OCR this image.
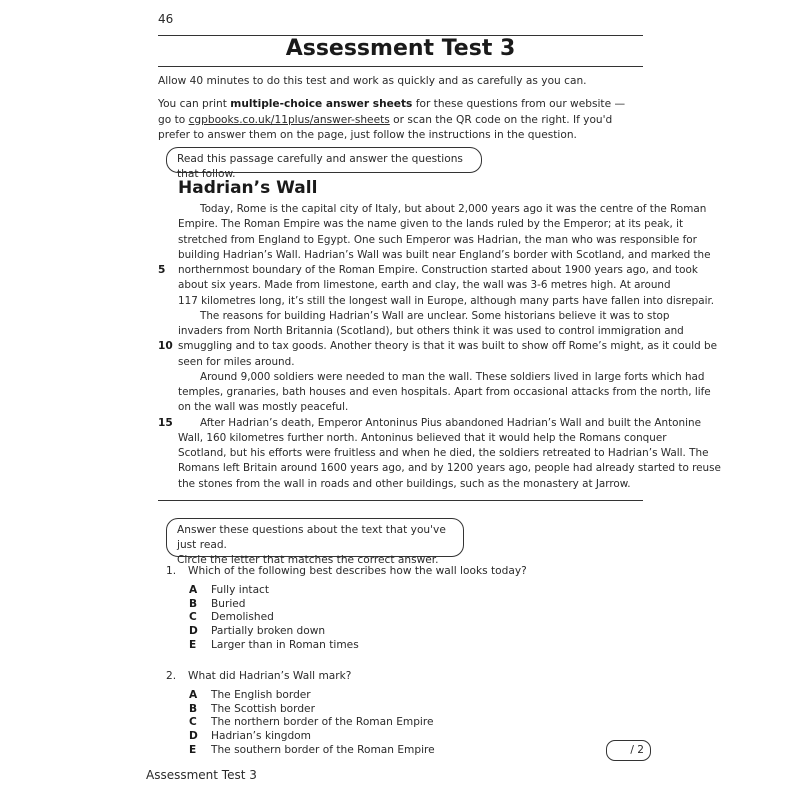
46
Assessment Test 3
Allow 40 minutes to do this test and work as quickly and as carefully as you can.
You can print multiple-choice answer sheets for these questions from our website —
go to cgpbooks.co.uk/11plus/answer-sheets or scan the QR code on the right. If you'd
prefer to answer them on the page, just follow the instructions in the question.
Read this passage carefully and answer the questions that follow.
Hadrian’s Wall
Today, Rome is the capital city of Italy, but about 2,000 years ago it was the centre of the Roman
Empire. The Roman Empire was the name given to the lands ruled by the Emperor; at its peak, it
stretched from England to Egypt. One such Emperor was Hadrian, the man who was responsible for
building Hadrian’s Wall. Hadrian’s Wall was built near England’s border with Scotland, and marked the
northernmost boundary of the Roman Empire. Construction started about 1900 years ago, and took
5
about six years. Made from limestone, earth and clay, the wall was 3-6 metres high. At around
117 kilometres long, it’s still the longest wall in Europe, although many parts have fallen into disrepair.
The reasons for building Hadrian’s Wall are unclear. Some historians believe it was to stop
invaders from North Britannia (Scotland), but others think it was used to control immigration and
smuggling and to tax goods. Another theory is that it was built to show off Rome’s might, as it could be
10
seen for miles around.
Around 9,000 soldiers were needed to man the wall. These soldiers lived in large forts which had
temples, granaries, bath houses and even hospitals. Apart from occasional attacks from the north, life
on the wall was mostly peaceful.
After Hadrian’s death, Emperor Antoninus Pius abandoned Hadrian’s Wall and built the Antonine
15
Wall, 160 kilometres further north. Antoninus believed that it would help the Romans conquer
Scotland, but his efforts were fruitless and when he died, the soldiers retreated to Hadrian’s Wall. The
Romans left Britain around 1600 years ago, and by 1200 years ago, people had already started to reuse
the stones from the wall in roads and other buildings, such as the monastery at Jarrow.
Answer these questions about the text that you've just read.
Circle the letter that matches the correct answer.
1. Which of the following best describes how the wall looks today?
A Fully intact
B Buried
C Demolished
D Partially broken down
E Larger than in Roman times
2. What did Hadrian’s Wall mark?
A The English border
B The Scottish border
C The northern border of the Roman Empire
D Hadrian’s kingdom
E The southern border of the Roman Empire	/ 2
Assessment Test 3
